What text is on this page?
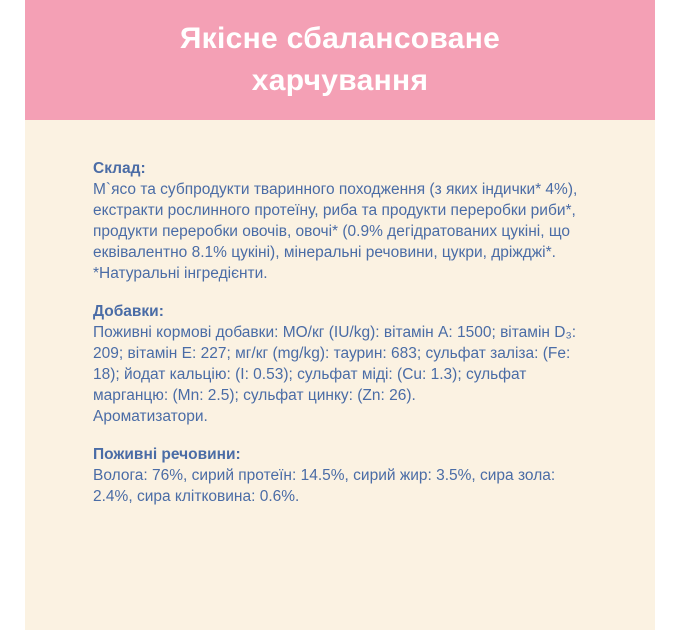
Якісне сбалансоване
харчування
Склад:
М`ясо та субпродукти тваринного походження (з яких індички* 4%), екстракти рослинного протеїну, риба та продукти переробки риби*, продукти переробки овочів, овочі* (0.9% дегідратованих цукіні, що еквівалентно 8.1% цукіні), мінеральні речовини, цукри, дріжджі*.
*Натуральні інгредієнти.
Добавки:
Поживні кормові добавки: МО/кг (IU/kg): вітамін A: 1500; вітамін D₃: 209; вітамін E: 227; мг/кг (mg/kg): таурин: 683; сульфат заліза: (Fe: 18); йодат кальцію: (I: 0.53); сульфат міді: (Cu: 1.3); сульфат марганцю: (Mn: 2.5); сульфат цинку: (Zn: 26).
Ароматизатори.
Поживні речовини:
Волога: 76%, сирий протеїн: 14.5%, сирий жир: 3.5%, сира зола: 2.4%, сира клітковина: 0.6%.
